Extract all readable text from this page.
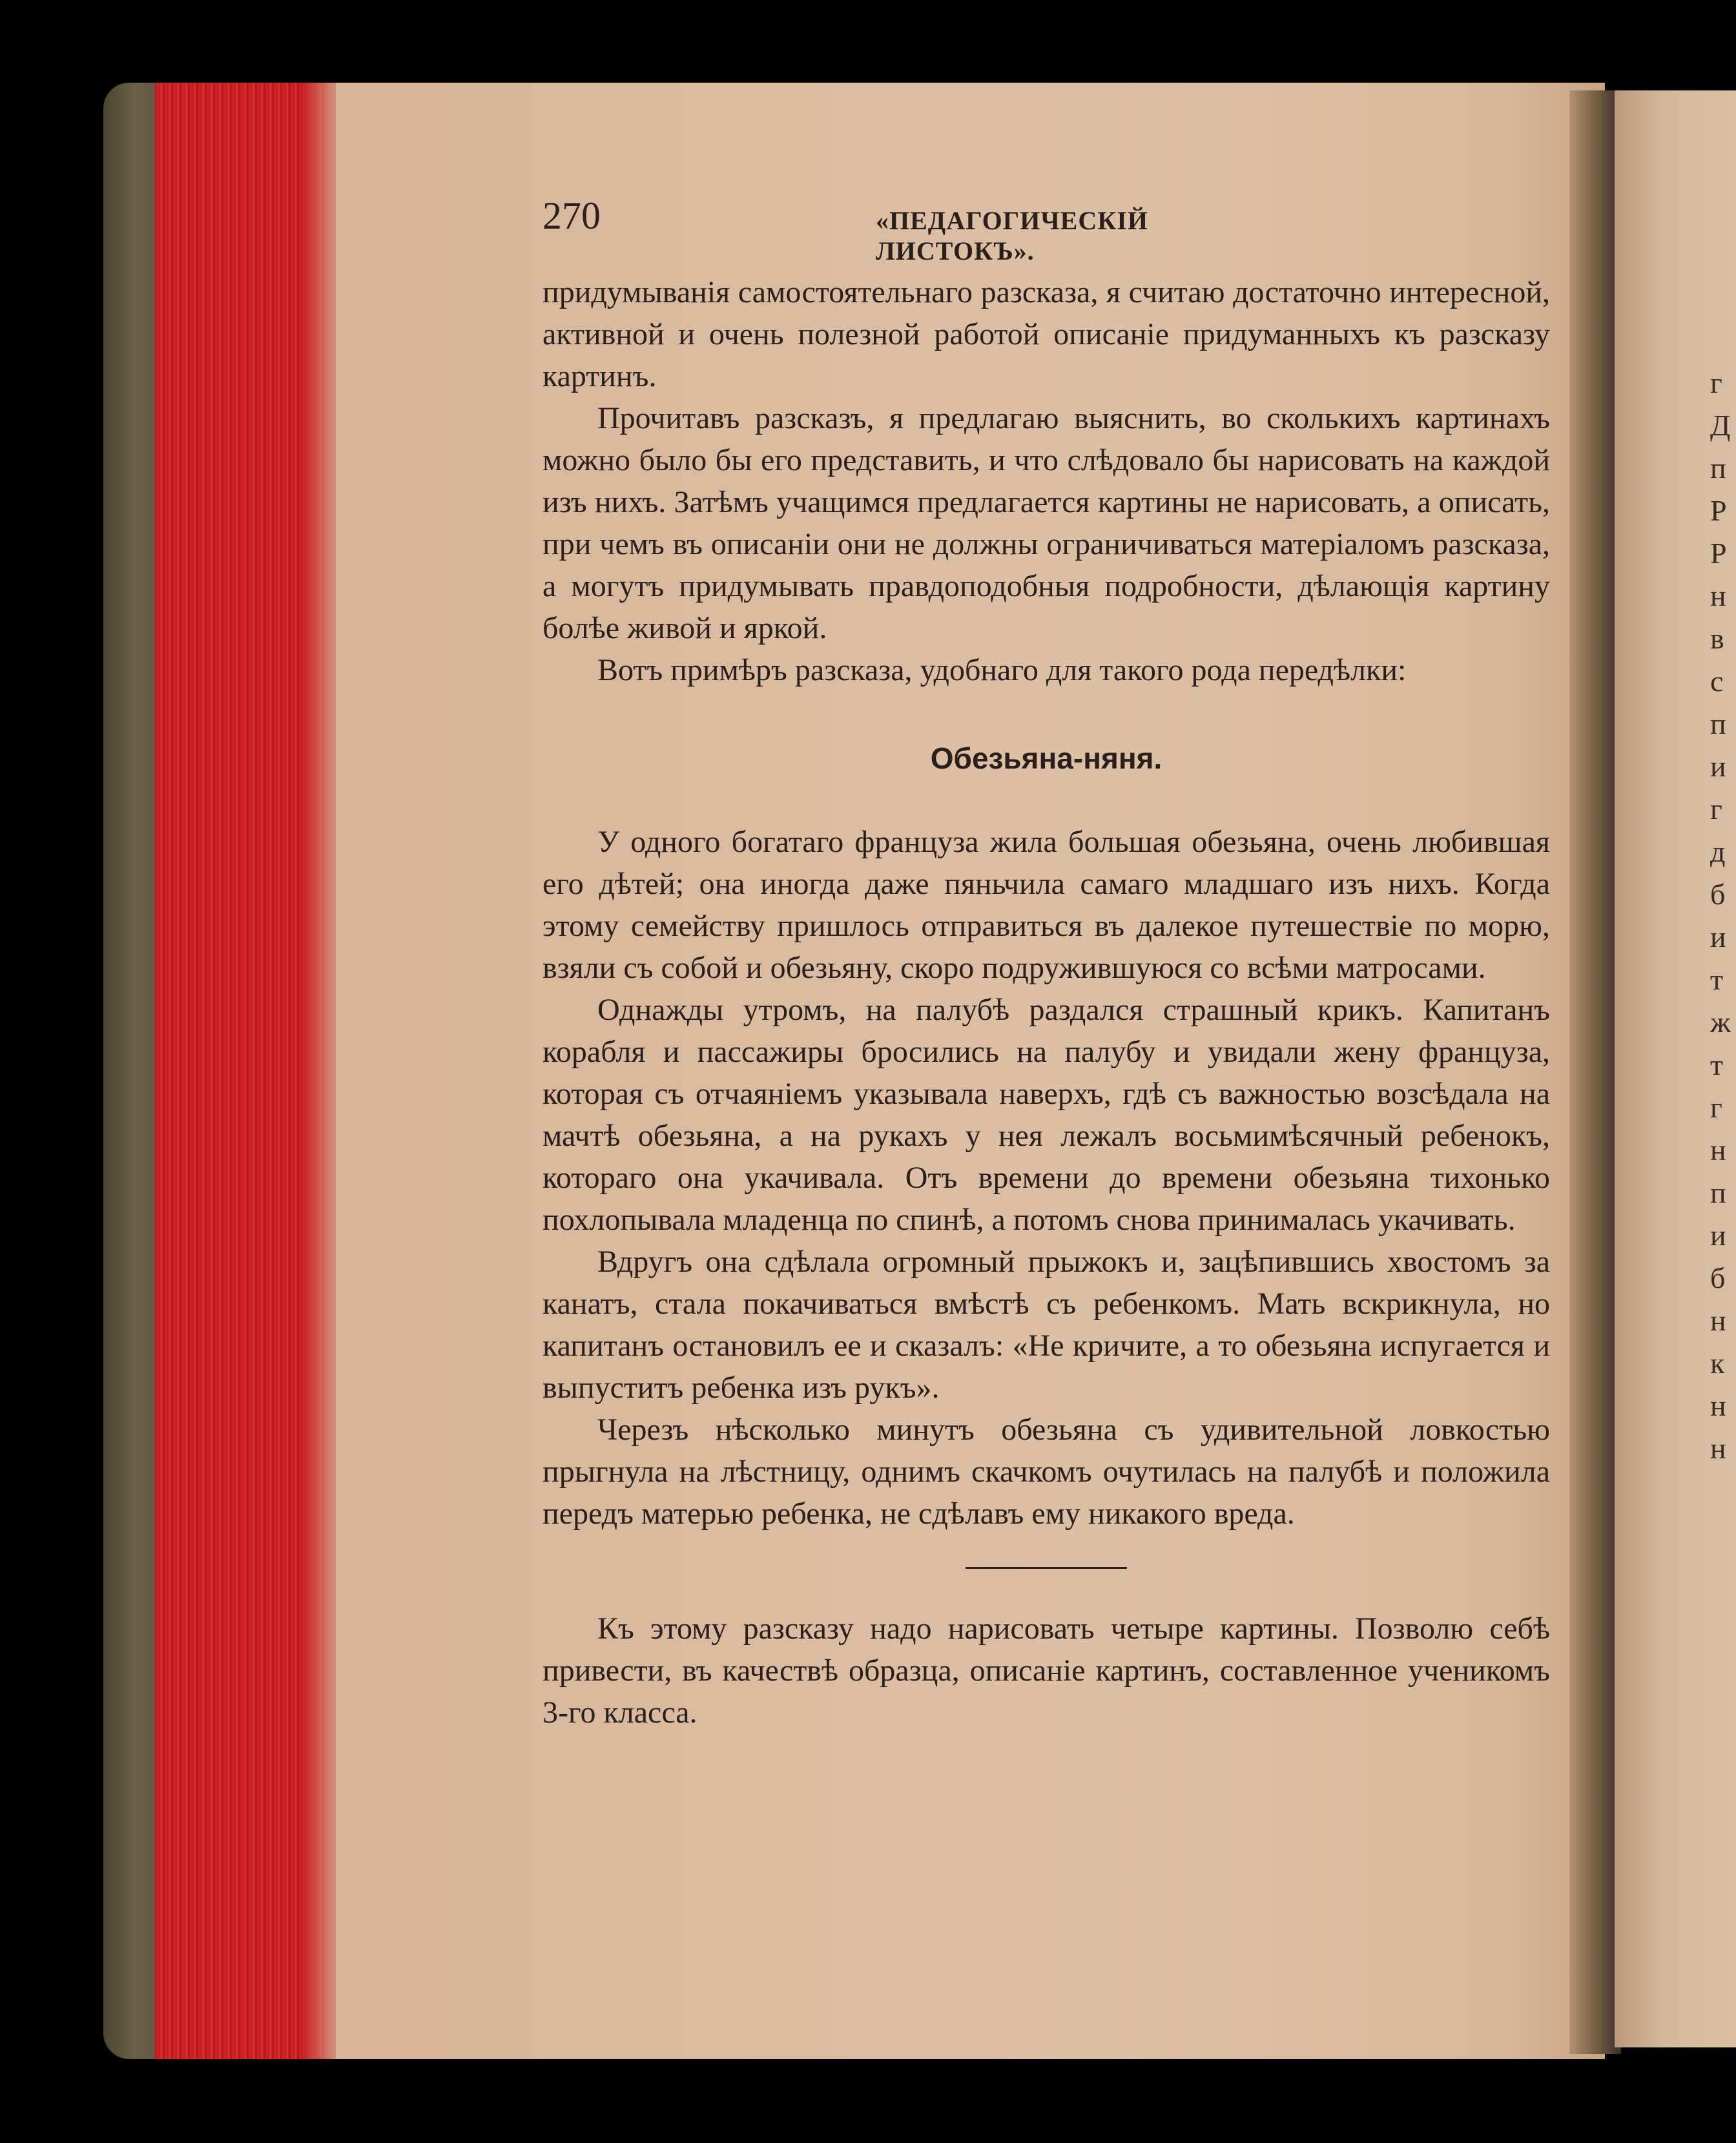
г
Д
п
Р
Р
н
в
с
п
и
г
д
б
и
т
ж
т
г
н
п
и
б
н
к
н
н
270	«ПЕДАГОГИЧЕСКІЙ ЛИСТОКЪ».

придумыванія самостоятельнаго разсказа, я считаю достаточно интересной, активной и очень полезной работой описаніе придуманныхъ къ разсказу картинъ.

Прочитавъ разсказъ, я предлагаю выяснить, во сколькихъ картинахъ можно было бы его представить, и что слѣдовало бы нарисовать на каждой изъ нихъ. Затѣмъ учащимся предлагается картины не нарисовать, а описать, при чемъ въ описаніи они не должны ограничиваться матеріаломъ разсказа, а могутъ придумывать правдоподобныя подробности, дѣлающія картину болѣе живой и яркой.

Вотъ примѣръ разсказа, удобнаго для такого рода передѣлки:

Обезьяна-няня.

У одного богатаго француза жила большая обезьяна, очень любившая его дѣтей; она иногда даже пяньчила самаго младшаго изъ нихъ. Когда этому семейству пришлось отправиться въ далекое путешествіе по морю, взяли съ собой и обезьяну, скоро подружившуюся со всѣми матросами.

Однажды утромъ, на палубѣ раздался страшный крикъ. Капитанъ корабля и пассажиры бросились на палубу и увидали жену француза, которая съ отчаяніемъ указывала наверхъ, гдѣ съ важностью возсѣдала на мачтѣ обезьяна, а на рукахъ у нея лежалъ восьмимѣсячный ребенокъ, котораго она укачивала. Отъ времени до времени обезьяна тихонько похлопывала младенца по спинѣ, а потомъ снова принималась укачивать.

Вдругъ она сдѣлала огромный прыжокъ и, зацѣпившись хвостомъ за канатъ, стала покачиваться вмѣстѣ съ ребенкомъ. Мать вскрикнула, но капитанъ остановилъ ее и сказалъ: «Не кричите, а то обезьяна испугается и выпуститъ ребенка изъ рукъ».

Черезъ нѣсколько минутъ обезьяна съ удивительной ловкостью прыгнула на лѣстницу, однимъ скачкомъ очутилась на палубѣ и положила передъ матерью ребенка, не сдѣлавъ ему никакого вреда.

Къ этому разсказу надо нарисовать четыре картины. Позволю себѣ привести, въ качествѣ образца, описаніе картинъ, составленное ученикомъ 3-го класса.
